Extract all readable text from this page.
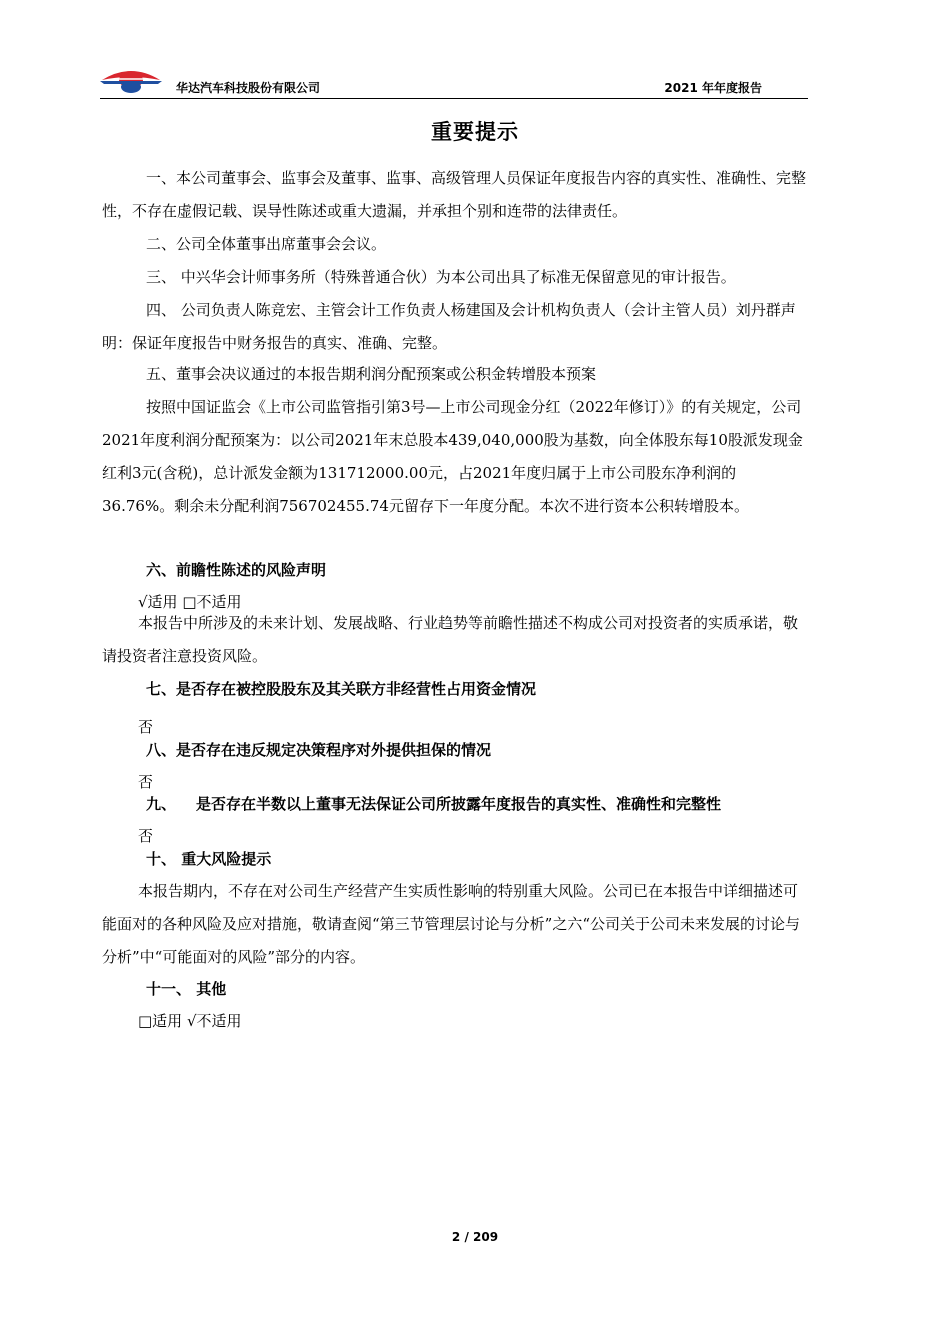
华达汽车科技股份有限公司	2021 年年度报告
重要提示
一、本公司董事会、监事会及董事、监事、高级管理人员保证年度报告内容的真实性、准确性、完整性，不存在虚假记载、误导性陈述或重大遗漏，并承担个别和连带的法律责任。
二、公司全体董事出席董事会会议。
三、 中兴华会计师事务所（特殊普通合伙）为本公司出具了标准无保留意见的审计报告。
四、 公司负责人陈竞宏、主管会计工作负责人杨建国及会计机构负责人（会计主管人员）刘丹群声明：保证年度报告中财务报告的真实、准确、完整。
五、董事会决议通过的本报告期利润分配预案或公积金转增股本预案
按照中国证监会《上市公司监管指引第3号—上市公司现金分红（2022年修订）》的有关规定，公司2021年度利润分配预案为：以公司2021年末总股本439,040,000股为基数，向全体股东每10股派发现金红利3元(含税)，总计派发金额为131712000.00元，占2021年度归属于上市公司股东净利润的36.76%。剩余未分配利润756702455.74元留存下一年度分配。本次不进行资本公积转增股本。
六、前瞻性陈述的风险声明
√适用 □不适用
本报告中所涉及的未来计划、发展战略、行业趋势等前瞻性描述不构成公司对投资者的实质承诺，敬请投资者注意投资风险。
七、是否存在被控股股东及其关联方非经营性占用资金情况
否
八、是否存在违反规定决策程序对外提供担保的情况
否
九、 是否存在半数以上董事无法保证公司所披露年度报告的真实性、准确性和完整性
否
十、 重大风险提示
本报告期内，不存在对公司生产经营产生实质性影响的特别重大风险。公司已在本报告中详细描述可能面对的各种风险及应对措施，敬请查阅“第三节管理层讨论与分析”之六“公司关于公司未来发展的讨论与分析”中“可能面对的风险”部分的内容。
十一、 其他
□适用 √不适用
2 / 209
